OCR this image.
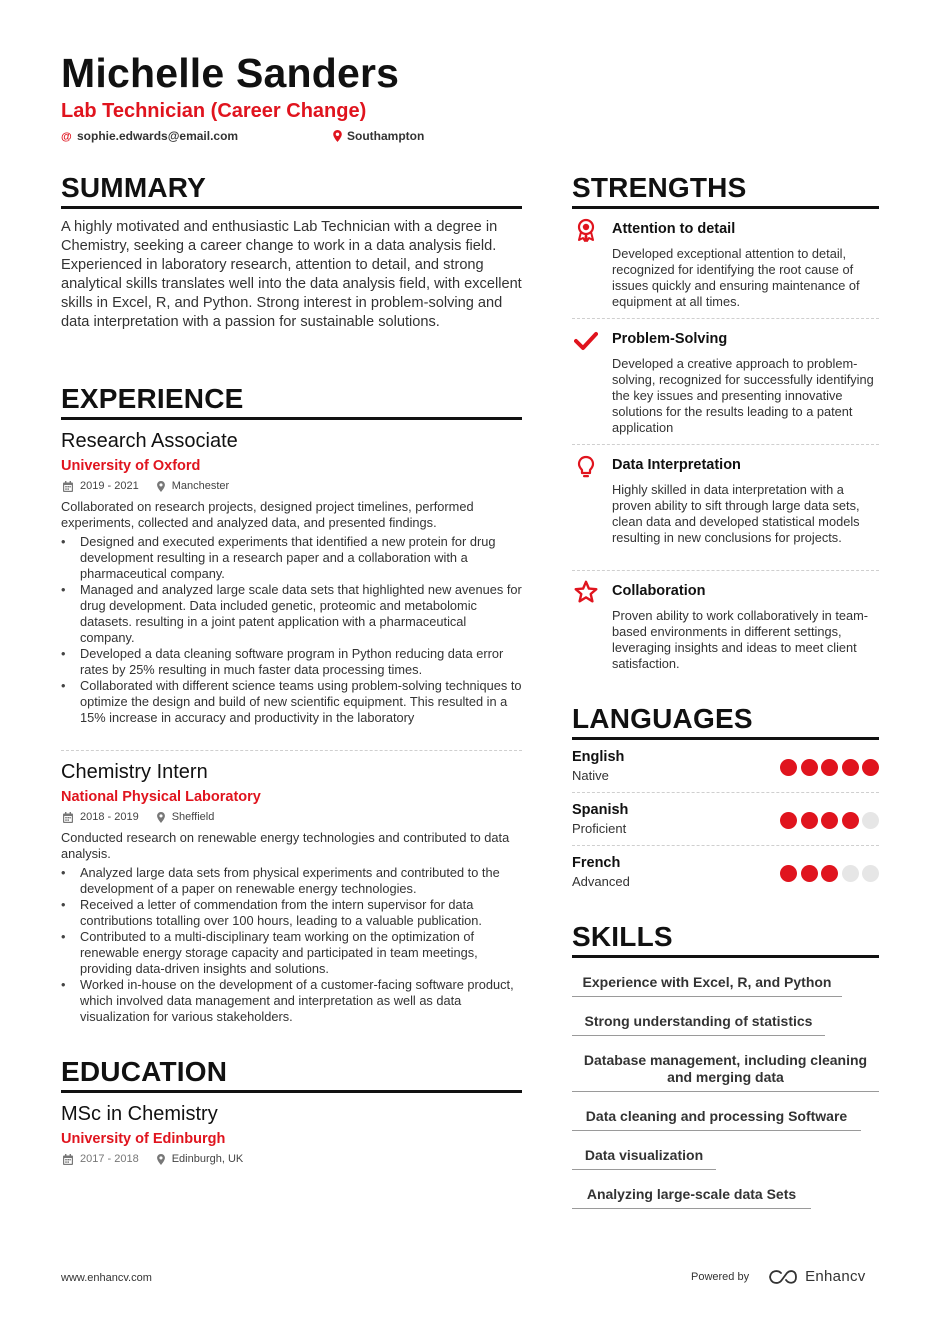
Michelle Sanders
Lab Technician (Career Change)
@ sophie.edwards@email.com	Southampton
SUMMARY
A highly motivated and enthusiastic Lab Technician with a degree in Chemistry, seeking a career change to work in a data analysis field. Experienced in laboratory research, attention to detail, and strong analytical skills translates well into the data analysis field, with excellent skills in Excel, R, and Python. Strong interest in problem-solving and data interpretation with a passion for sustainable solutions.
EXPERIENCE
Research Associate
University of Oxford
2019 - 2021	Manchester
Collaborated on research projects, designed project timelines, performed experiments, collected and analyzed data, and presented findings.
• Designed and executed experiments that identified a new protein for drug development resulting in a research paper and a collaboration with a pharmaceutical company.
• Managed and analyzed large scale data sets that highlighted new avenues for drug development. Data included genetic, proteomic and metabolomic datasets. resulting in a joint patent application with a pharmaceutical company.
• Developed a data cleaning software program in Python reducing data error rates by 25% resulting in much faster data processing times.
• Collaborated with different science teams using problem-solving techniques to optimize the design and build of new scientific equipment. This resulted in a 15% increase in accuracy and productivity in the laboratory
Chemistry Intern
National Physical Laboratory
2018 - 2019	Sheffield
Conducted research on renewable energy technologies and contributed to data analysis.
• Analyzed large data sets from physical experiments and contributed to the development of a paper on renewable energy technologies.
• Received a letter of commendation from the intern supervisor for data contributions totalling over 100 hours, leading to a valuable publication.
• Contributed to a multi-disciplinary team working on the optimization of renewable energy storage capacity and participated in team meetings, providing data-driven insights and solutions.
• Worked in-house on the development of a customer-facing software product, which involved data management and interpretation as well as data visualization for various stakeholders.
EDUCATION
MSc in Chemistry
University of Edinburgh
2017 - 2018	Edinburgh, UK
STRENGTHS
Attention to detail
Developed exceptional attention to detail, recognized for identifying the root cause of issues quickly and ensuring maintenance of equipment at all times.
Problem-Solving
Developed a creative approach to problem-solving, recognized for successfully identifying the key issues and presenting innovative solutions for the results leading to a patent application
Data Interpretation
Highly skilled in data interpretation with a proven ability to sift through large data sets, clean data and developed statistical models resulting in new conclusions for projects.
Collaboration
Proven ability to work collaboratively in team-based environments in different settings, leveraging insights and ideas to meet client satisfaction.
LANGUAGES
English
Native
Spanish
Proficient
French
Advanced
SKILLS
Experience with Excel, R, and Python
Strong understanding of statistics
Database management, including cleaning and merging data
Data cleaning and processing Software
Data visualization
Analyzing large-scale data Sets
www.enhancv.com	Powered by	Enhancv
